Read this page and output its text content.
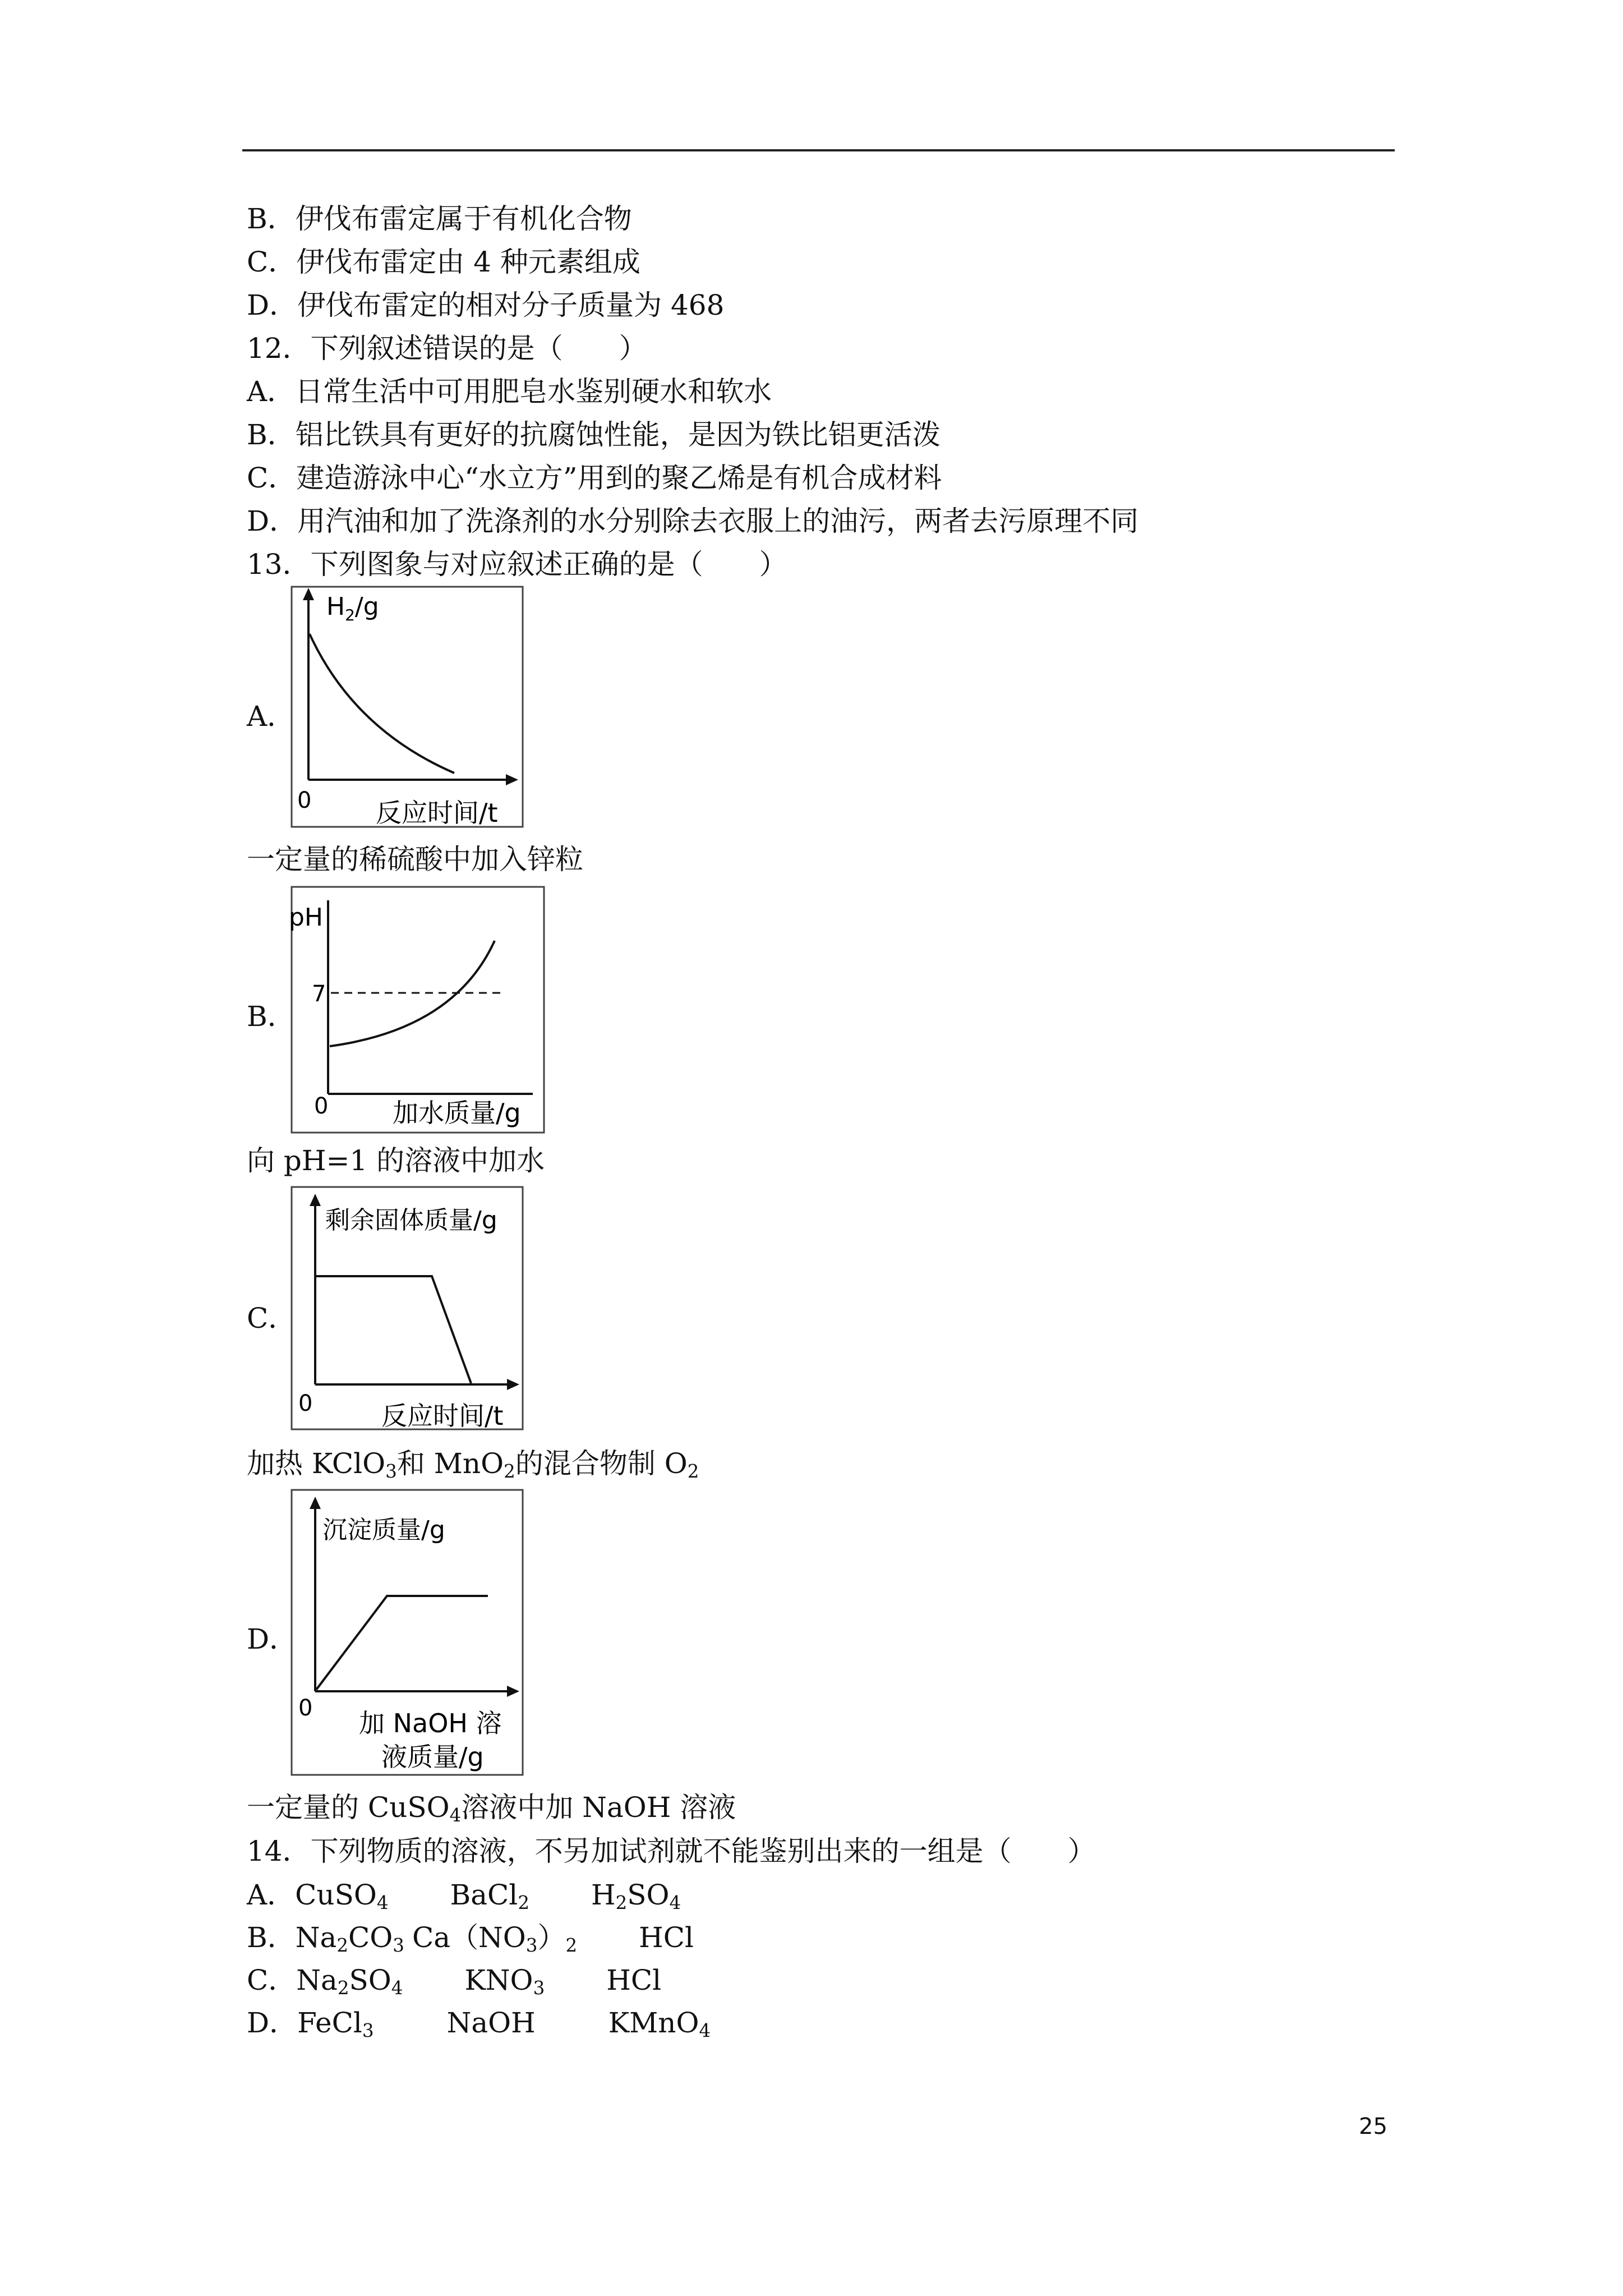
B．伊伐布雷定属于有机化合物
C．伊伐布雷定由 4 种元素组成
D．伊伐布雷定的相对分子质量为 468
12．下列叙述错误的是（　　）
A．日常生活中可用肥皂水鉴别硬水和软水
B．铝比铁具有更好的抗腐蚀性能，是因为铁比铝更活泼
C．建造游泳中心“水立方”用到的聚乙烯是有机合成材料
D．用汽油和加了洗涤剂的水分别除去衣服上的油污，两者去污原理不同
13．下列图象与对应叙述正确的是（　　）
A．
$H_2/g$
0 反应时间/t
一定量的稀硫酸中加入锌粒
B．
pH
7
0 加水质量/g
向 pH=1 的溶液中加水
C．
剩余固体质量/g
0	反应时间/t
加热 KClO$_3$和 MnO$_2$的混合物制 $O_2$
D．
沉淀质量/g
0 加 NaOH 溶
液质量/g
一定量的 CuSO$_4$溶液中加 NaOH 溶液
14．下列物质的溶液，不另加试剂就不能鉴别出来的一组是（　　）
A．CuSO$_4$ BaCl$_2$ $H_2SO_4$
B．$Na_2CO_3$ $Ca(NO_3)_2$ HCl
C．$Na_2SO_4$ $KNO_3$ HCl
D．FeCl$_3$	NaOH	KMnO$_4$
25
